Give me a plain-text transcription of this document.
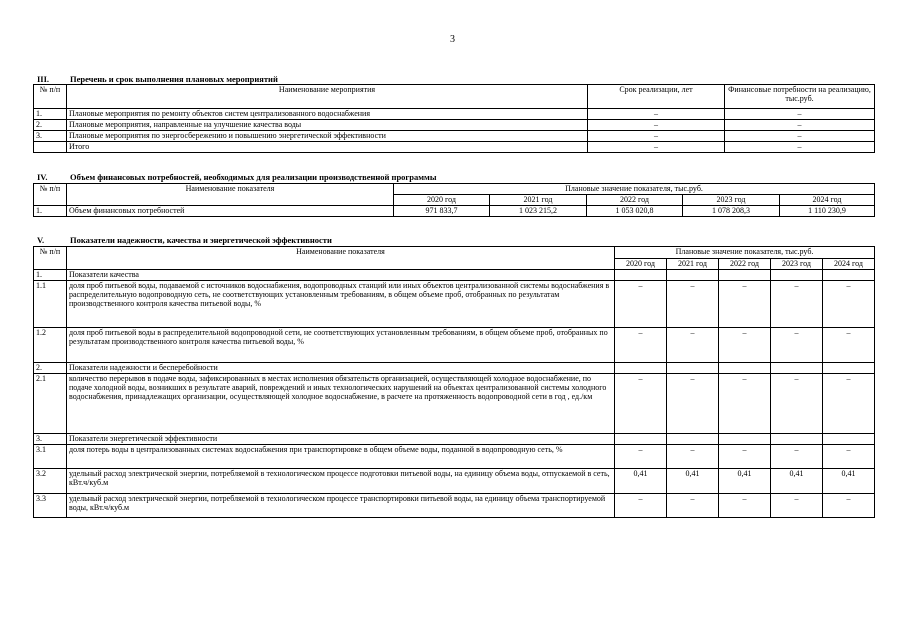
3
III. Перечень и срок выполнения плановых мероприятий
№ п/п	Наименование мероприятия	Срок реализации, лет	Финансовые потребности на реализацию, тыс.руб.
1.	Плановые мероприятия по ремонту объектов систем централизованного водоснабжения	–	–
2.	Плановые мероприятия, направленные на улучшение качества воды	–	–
3.	Плановые мероприятия по энергосбережению и повышению энергетической эффективности	–	–
	Итого	–	–
IV.	Объем финансовых потребностей, необходимых для реализации производственной программы
№ п/п	Наименование показателя	Плановые значение показателя, тыс.руб.				
		2020 год	2021 год	2022 год	2023 год	2024 год
1.	Объем финансовых потребностей	971 833,7	1 023 215,2	1 053 020,8	1 078 208,3	1 110 230,9
V.	Показатели надежности, качества и энергетической эффективности
№ п/п	Наименование показателя	Плановые значение показателя, тыс.руб.				
		2020 год	2021 год	2022 год	2023 год	2024 год
1.	Показатели качества					
1.1	доля проб питьевой воды, подаваемой с источников водоснабжения, водопроводных станций или иных объектов централизованной системы водоснабжения в распределительную водопроводную сеть, не соответствующих установленным требованиям, в общем объеме проб, отобранных по результатам производственного контроля качества питьевой воды, %	–	–	–	–	–
1.2	доля проб питьевой воды в распределительной водопроводной сети, не соответствующих установленным требованиям, в общем объеме проб, отобранных по результатам производственного контроля качества питьевой воды, %	–	–	–	–	–
2.	Показатели надежности и бесперебойности					
2.1	количество перерывов в подаче воды, зафиксированных в местах исполнения обязательств организацией, осуществляющей холодное водоснабжение, по подаче холодной воды, возникших в результате аварий, повреждений и иных технологических нарушений на объектах централизованной системы холодного водоснабжения, принадлежащих организации, осуществляющей холодное водоснабжение, в расчете на протяженность водопроводной сети в год , ед./км	–	–	–	–	–
3.	Показатели энергетической эффективности					
3.1	доля потерь воды в централизованных системах водоснабжения при транспортировке в общем объеме воды, поданной в водопроводную сеть, %	–	–	–	–	–
3.2	удельный расход электрической энергии, потребляемой в технологическом процессе подготовки питьевой воды, на единицу объема воды, отпускаемой в сеть, кВт.ч/куб.м	0,41	0,41	0,41	0,41	0,41
3.3	удельный расход электрической энергии, потребляемой в технологическом процессе транспортировки питьевой воды, на единицу объема транспортируемой воды, кВт.ч/куб.м	–	–	–	–	–
